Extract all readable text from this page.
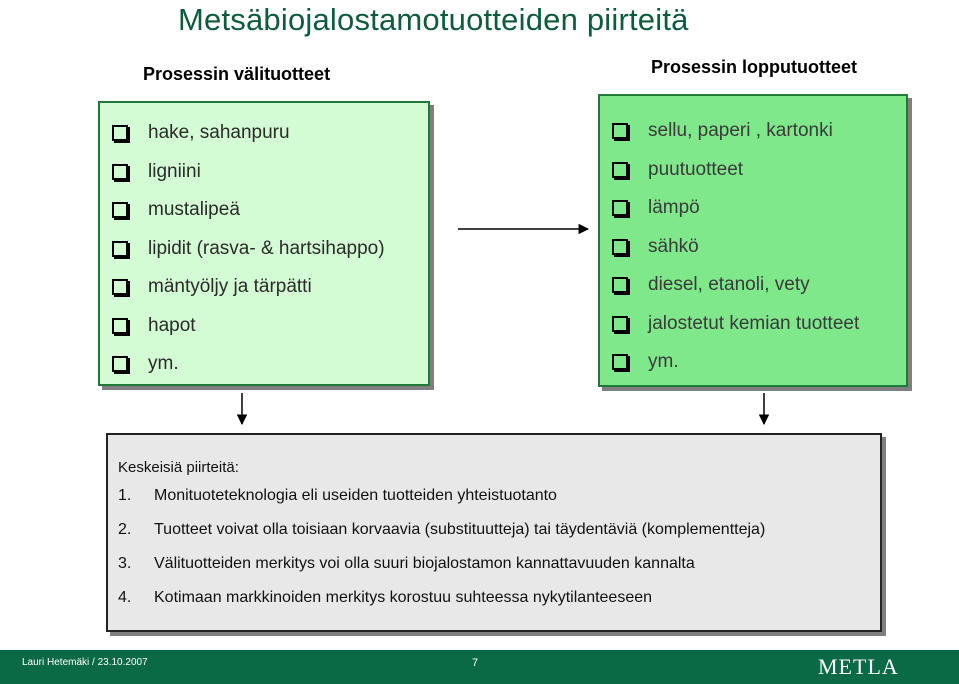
Metsäbiojalostamotuotteiden piirteitä
Prosessin välituotteet	Prosessin lopputuotteet
hake, sahanpuru
ligniini
mustalipeä
lipidit (rasva- & hartsihappo)
mäntyöljy ja tärpätti
hapot
ym.
sellu, paperi , kartonki
puutuotteet
lämpö
sähkö
diesel, etanoli, vety
jalostetut kemian tuotteet
ym.
Keskeisiä piirteitä:
1.	Monituoteteknologia eli useiden tuotteiden yhteistuotanto
2.	Tuotteet voivat olla toisiaan korvaavia (substituutteja) tai täydentäviä (komplementteja)
3.	Välituotteiden merkitys voi olla suuri biojalostamon kannattavuuden kannalta
4.	Kotimaan markkinoiden merkitys korostuu suhteessa nykytilanteeseen
Lauri Hetemäki / 23.10.2007	7	METLA
